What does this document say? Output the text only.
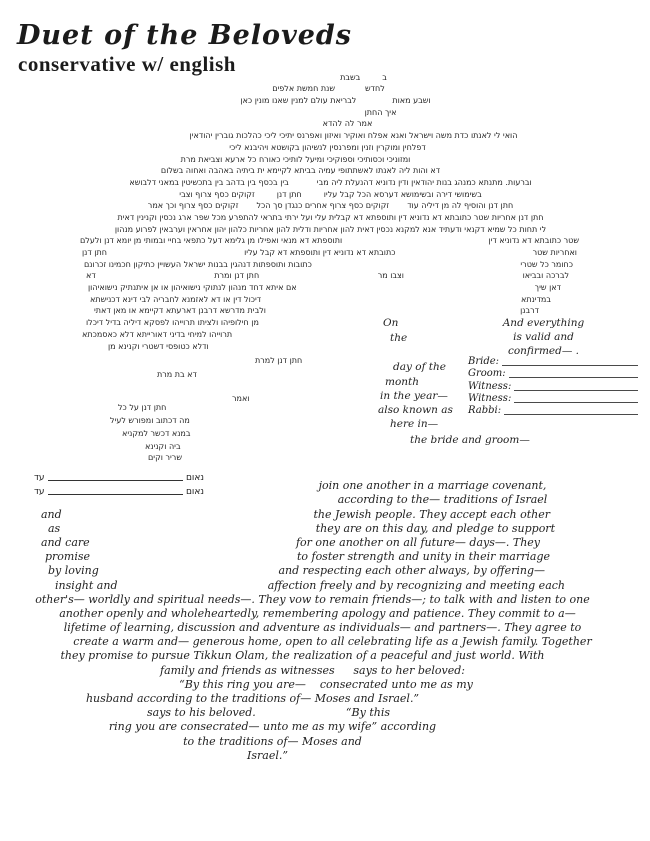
Duet of the Beloveds
conservative w/ english
ב
בשבת
לחדש
שנת חמשת אלפים
ושבע מאות
לבריאת עולם למנין שאנו מונין כאן
איך החתן
אמר לה להדא
הואי לי לאנתו כדת משה וישראל ואנא אפלח ואוקיר ואיזון ואפרנס יתיכי ליכי כהלכות גוברין יהודאין
דפלחין ומוקרין וזנין ומפרנסין לנשיהון בקושטא ויהיבנא ליכי
ומזוניכי וכסותיכי וספוקיכי ומיעל לותיכי כאורח כל ארעא וצביאת מרת
דא והות ליה לאנתו לאשתתופי עמיה בביתא לקיימא ית ביתיה באהבה ואחוה בשלום
וברעות. מתנתא כמנהג בנות יהודאין ודין נדוניא דהנעלת ליה מבי
בין בכסף בין בדהב בין בתכשיטין במאני דלבושא
בשימושי דירה ובשימושא דערסא הכל קבל עליו
חתן דנן
זקוקים כסף צרוף וצבי
חתן דנן והוסיף לה מן דיליה עוד
זקוקים כסף צרוף אחרים כנגדן סך הכל
זקוקים כסף צרוף וכך אמר
חתן דנן אחריות שטר כתובתא דא נדוניא דין ותוספתא דא קבלית עלי ועל ירתי בתראי להתפרע מכל שפר ארג נכסין וקנינין דאית
לי תחות כל שמיא דקנאי ודעתיד אנא למקנא נכסין דאית להון אחריות ודלית להון אחריות כלהון יהון אחראין וערבאין לפרוע מנהון
שטר כתובתא דא נדוניא דין
ותוספתא דא מנאי ואפילו מן גלימא דעל כתפאי בחיי ובמותי מן יומא דנן ולעלם
ואחריות שטר
כתובתא דא נדוניא דין ותוספתא דא קבל עליו
חתן דנן
כחומר כל שטרי
כתובות ותוספתות דנהגין בבנות ישראל העשויין כתיקון חכמינו זכרונם
לברכה ובביאו
וצבו מר
חתן דנן ומרת
דא
דאן שיך
אם איתא דחד מנהון לנתוקי נישואיהון או אן איתנתיק נישואיהון
במדינתא
דיכול דין או דא לאזמנא לחבריה לבי דינא דכנישתא
דרבנן
ולבית מדרשא דרבנן דארעתא דקיימא או מאן דאתי
מן חילופיהו ולציתו תרוייהו לפסקא דיליה בדיל דיכלו
תרוייהו למיחי בדיני דאורייתא דלא כאסמכתא
ודלא כטופסי דשטרי וקנינא מן
חתן דנן למרת
דא בת מרת
ואמר
חתן דנן על כל
מה דכתוב ומפורש לעיל
במנא דכשר למקניא
ביה וקנינא
שריר וקים
On
the
day of the
month
in the year—
also known as
here in—
the bride and groom—
And everything
is valid and confirmed— .
Bride:
Groom:
Witness:
Witness:
Rabbi:
נאום
עד
נאום
עד	join one another in a marriage covenant,
according to the— traditions of Israel
and	the Jewish people. They accept each other
as	they are on this day, and pledge to support
and care	for one another on all future— days—. They
promise	to foster strength and unity in their marriage
by loving	and respecting each other always, by offering—
insight and	affection freely and by recognizing and meeting each
other's— worldly and spiritual needs—. They vow to remain friends—; to talk with and listen to one
another openly and wholeheartedly, remembering apology and patience. They commit to a—
lifetime of learning, discussion and adventure as individuals— and partners—. They agree to
create a warm and— generous home, open to all celebrating life as a Jewish family. Together
they promise to pursue Tikkun Olam, the realization of a peaceful and just world. With
family and friends as witnesses says to her beloved:
“By this ring you are— consecrated unto me as my
husband according to the traditions of— Moses and Israel.”
says to his beloved.	“By this
ring you are consecrated— unto me as my wife” according
to the traditions of— Moses and
Israel.”
